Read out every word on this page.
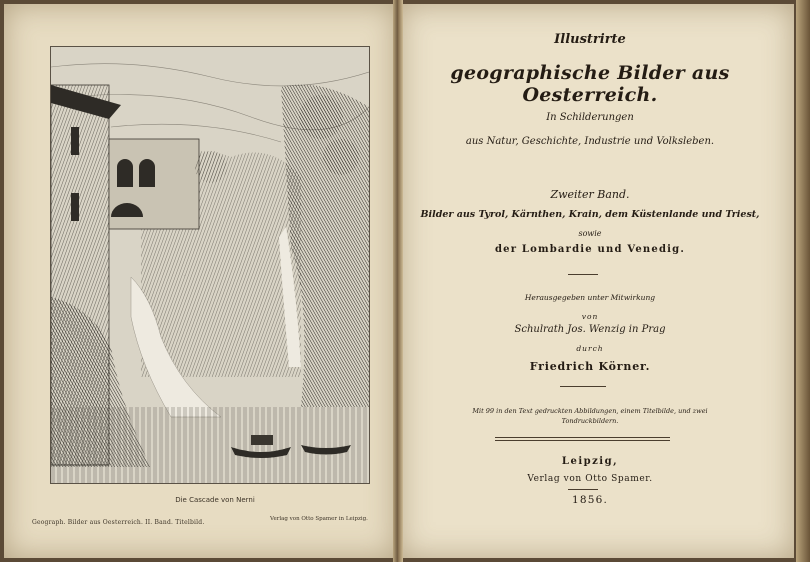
Die Cascade von Nerni
Geograph. Bilder aus Oesterreich. II. Band. Titelbild.	Verlag von Otto Spamer in Leipzig.
Illustrirte
geographische Bilder aus Oesterreich.
In Schilderungen
aus Natur, Geschichte, Industrie und Volksleben.
Zweiter Band.
Bilder aus Tyrol, Kärnthen, Krain, dem Küstenlande und Triest,
sowie
der Lombardie und Venedig.
Herausgegeben unter Mitwirkung
von
Schulrath Jos. Wenzig in Prag
durch
Friedrich Körner.
Mit 99 in den Text gedruckten Abbildungen, einem Titelbilde, und zwei
Tondruckbildern.
Leipzig,
Verlag von Otto Spamer.
1856.
